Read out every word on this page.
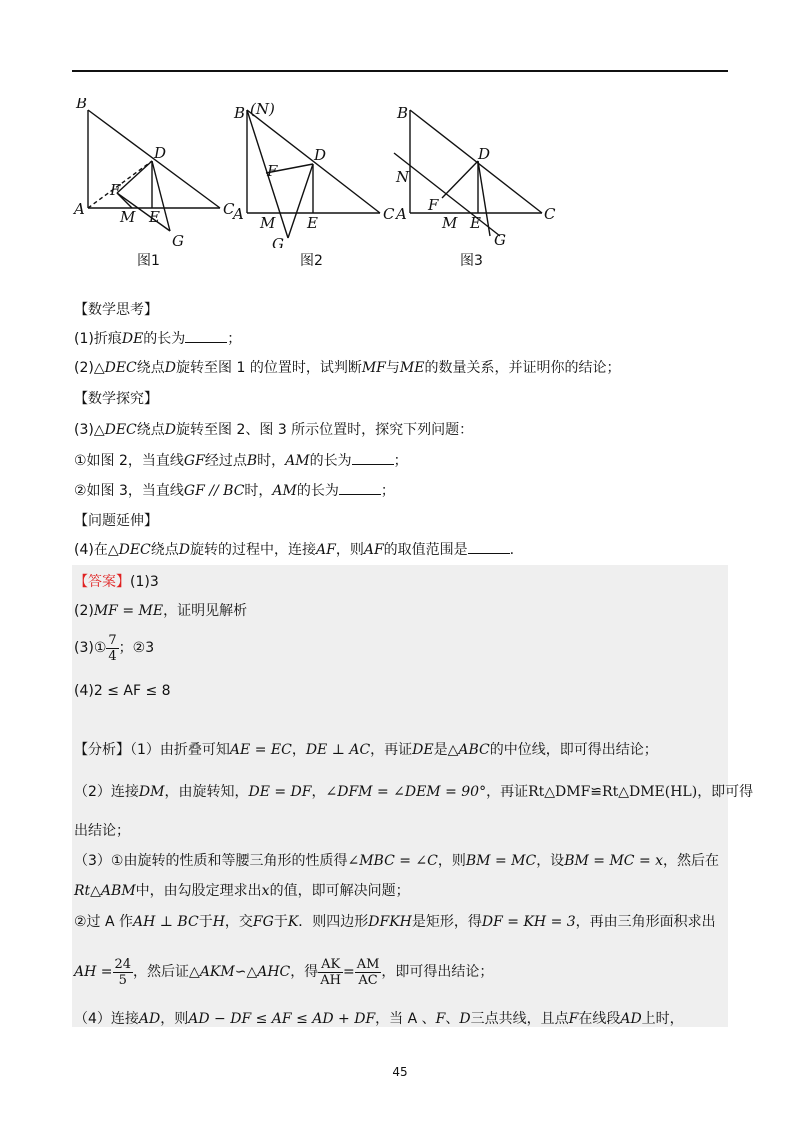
B
A	C
D
E
F
M
G
图1
B (N)
A	C
D
E
F
M
G
图2
B
N
A	C
D
E
F
M
G
图3
【数学思考】
(1)折痕DE的长为	；
(2)△DEC绕点D旋转至图 1 的位置时，试判断MF与ME的数量关系，并证明你的结论；
【数学探究】
(3)△DEC绕点D旋转至图 2、图 3 所示位置时，探究下列问题：
①如图 2，当直线GF经过点B时，AM的长为	；
②如图 3，当直线GF // BC时，AM的长为	；
【问题延伸】
(4)在△DEC绕点D旋转的过程中，连接AF，则AF的取值范围是	.
【答案】(1)3
(2)MF = ME，证明见解析
(3)① $\frac{7}{4}$ ；②3
(4)2 ≤ AF ≤ 8
【分析】（1）由折叠可知AE = EC，DE ⊥ AC，再证DE是△ABC的中位线，即可得出结论；
（2）连接DM，由旋转知，DE = DF，∠DFM = ∠DEM = 90°，再证Rt△DMF≌Rt△DME(HL)，即可得
出结论；
（3）①由旋转的性质和等腰三角形的性质得∠MBC = ∠C，则BM = MC，设BM = MC = x，然后在
Rt△ABM中，由勾股定理求出x的值，即可解决问题；
②过 A 作AH ⊥ BC于H，交FG于K．则四边形DFKH是矩形，得DF = KH = 3，再由三角形面积求出
AH = $\frac{24}{5}$ ，然后证△AKM∽△AHC，得 $\frac{AK}{AH} = \frac{AM}{AC}$ ，即可得出结论；
（4）连接AD，则AD − DF ≤ AF ≤ AD + DF，当 A 、F、D三点共线，且点F在线段AD上时，
45
